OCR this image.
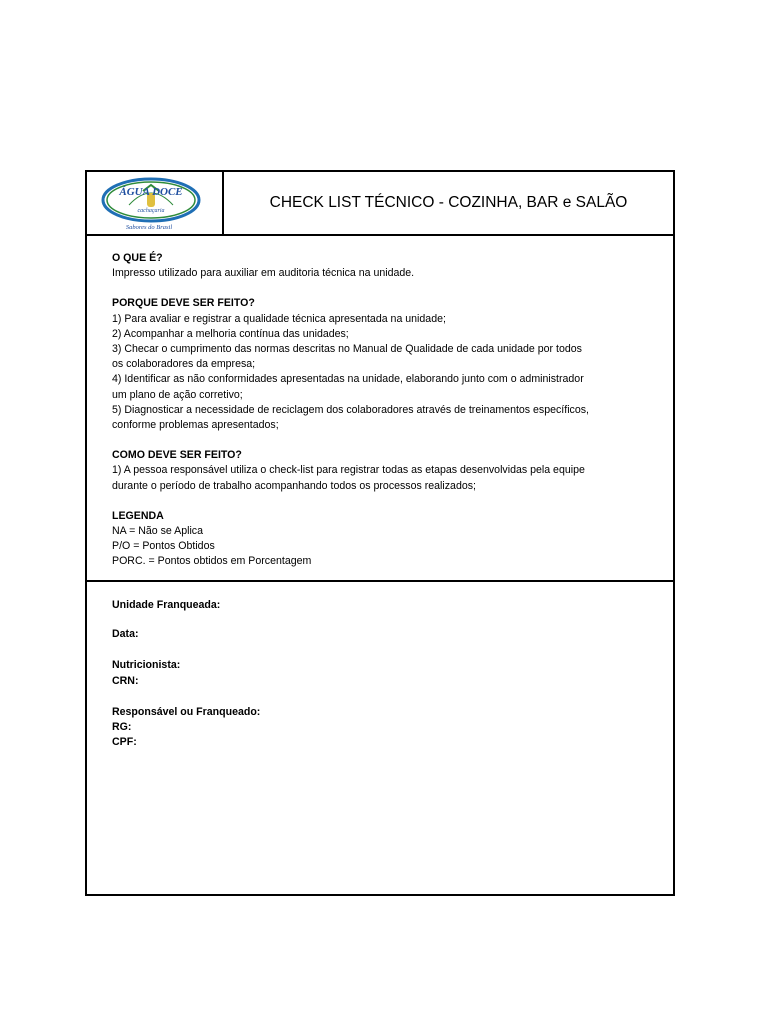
ÁGUA DOCE
cachaçaria
Sabores do Brasil
CHECK LIST TÉCNICO - COZINHA, BAR e SALÃO
O QUE É?
Impresso utilizado para auxiliar em auditoria técnica na unidade.
PORQUE DEVE SER FEITO?
1) Para avaliar e registrar a qualidade técnica apresentada na unidade;
2) Acompanhar a melhoria contínua das unidades;
3) Checar o cumprimento das normas descritas no Manual de Qualidade de cada unidade por todos
os colaboradores da empresa;
4) Identificar as não conformidades apresentadas na unidade, elaborando junto com o administrador
um plano de ação corretivo;
5) Diagnosticar a necessidade de reciclagem dos colaboradores através de treinamentos específicos,
conforme problemas apresentados;
COMO DEVE SER FEITO?
1) A pessoa responsável utiliza o check-list para registrar todas as etapas desenvolvidas pela equipe
durante o período de trabalho acompanhando todos os processos realizados;
LEGENDA
NA = Não se Aplica
P/O = Pontos Obtidos
PORC. = Pontos obtidos em Porcentagem
Unidade Franqueada:
Data:
Nutricionista:
CRN:
Responsável ou Franqueado:
RG:
CPF:
